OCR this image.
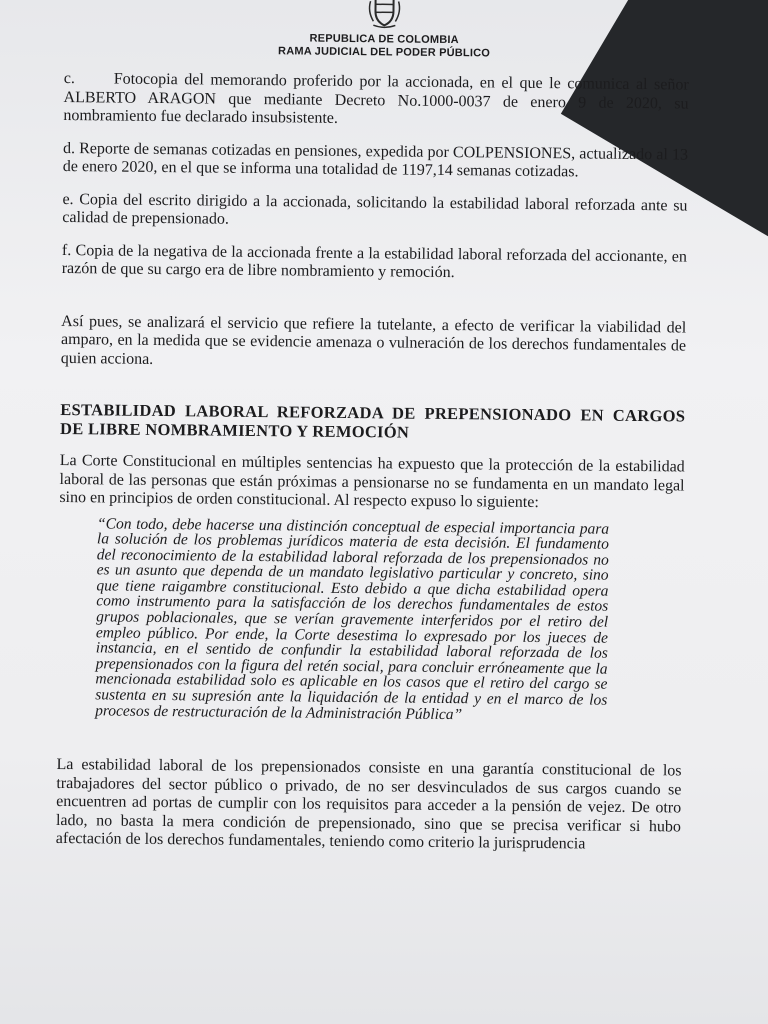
REPUBLICA DE COLOMBIA
RAMA JUDICIAL DEL PODER PÚBLICO

c. Fotocopia del memorando proferido por la accionada, en el que le comunica al señor ALBERTO ARAGON que mediante Decreto No.1000-0037 de enero 9 de 2020, su nombramiento fue declarado insubsistente.

d. Reporte de semanas cotizadas en pensiones, expedida por COLPENSIONES, actualizado al 13 de enero 2020, en el que se informa una totalidad de 1197,14 semanas cotizadas.

e. Copia del escrito dirigido a la accionada, solicitando la estabilidad laboral reforzada ante su calidad de prepensionado.

f. Copia de la negativa de la accionada frente a la estabilidad laboral reforzada del accionante, en razón de que su cargo era de libre nombramiento y remoción.

Así pues, se analizará el servicio que refiere la tutelante, a efecto de verificar la viabilidad del amparo, en la medida que se evidencie amenaza o vulneración de los derechos fundamentales de quien acciona.

ESTABILIDAD LABORAL REFORZADA DE PREPENSIONADO EN CARGOS DE LIBRE NOMBRAMIENTO Y REMOCIÓN

La Corte Constitucional en múltiples sentencias ha expuesto que la protección de la estabilidad laboral de las personas que están próximas a pensionarse no se fundamenta en un mandato legal sino en principios de orden constitucional. Al respecto expuso lo siguiente:

“Con todo, debe hacerse una distinción conceptual de especial importancia para la solución de los problemas jurídicos materia de esta decisión. El fundamento del reconocimiento de la estabilidad laboral reforzada de los prepensionados no es un asunto que dependa de un mandato legislativo particular y concreto, sino que tiene raigambre constitucional. Esto debido a que dicha estabilidad opera como instrumento para la satisfacción de los derechos fundamentales de estos grupos poblacionales, que se verían gravemente interferidos por el retiro del empleo público. Por ende, la Corte desestima lo expresado por los jueces de instancia, en el sentido de confundir la estabilidad laboral reforzada de los prepensionados con la figura del retén social, para concluir erróneamente que la mencionada estabilidad solo es aplicable en los casos que el retiro del cargo se sustenta en su supresión ante la liquidación de la entidad y en el marco de los procesos de restructuración de la Administración Pública”

La estabilidad laboral de los prepensionados consiste en una garantía constitucional de los trabajadores del sector público o privado, de no ser desvinculados de sus cargos cuando se encuentren ad portas de cumplir con los requisitos para acceder a la pensión de vejez. De otro lado, no basta la mera condición de prepensionado, sino que se precisa verificar si hubo afectación de los derechos fundamentales, teniendo como criterio la jurisprudencia
